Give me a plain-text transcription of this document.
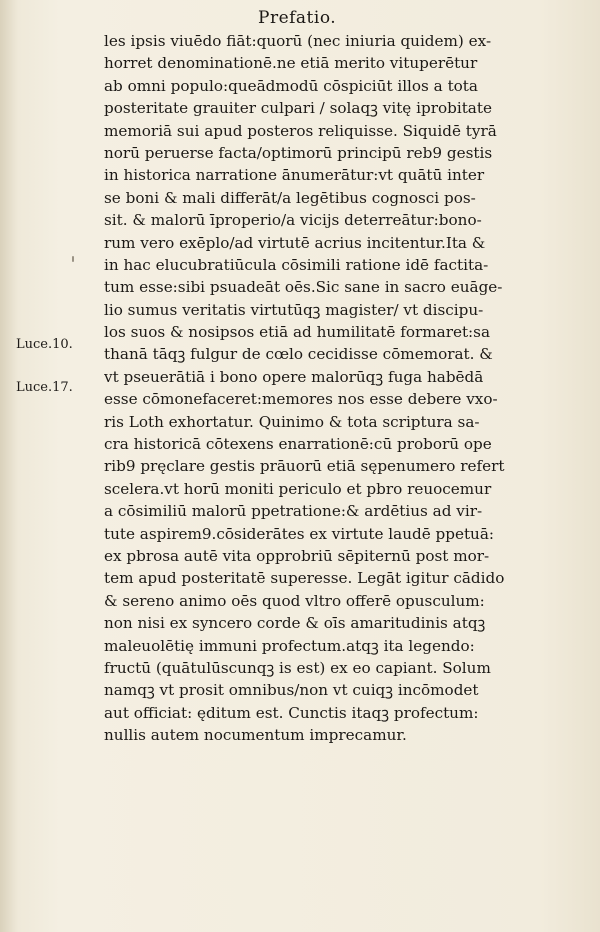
Prefatio.
Luce.10.
Luce.17.
les ipsis viuēdo fiāt:quorū (nec iniuria quidem) ex-
horret denominationē.ne etiā merito vituperētur
ab omni populo:queādmodū cōspiciūt illos a tota
posteritate grauiter culpari / solaqꝫ vitę iprobitate
memoriā sui apud posteros reliquisse. Siquidē tyrā
norū peruerse facta/optimorū principū reb9 gestis
in historica narratione ānumerātur:vt quātū inter
se boni & mali differāt/a legētibus cognosci pos-
sit. & malorū īproperio/a vicijs deterreātur:bono-
rum vero exēplo/ad virtutē acrius incitentur.Ita &
in hac elucubratiūcula cōsimili ratione idē factita-
tum esse:sibi psuadeāt oēs.Sic sane in sacro euāge-
lio sumus veritatis virtutūqꝫ magister/ vt discipu-
los suos & nosipsos etiā ad humilitatē formaret:sa
thanā tāqꝫ fulgur de cœlo cecidisse cōmemorat. &
vt pseuerātiā i bono opere malorūqꝫ fuga habēdā
esse cōmonefaceret:memores nos esse debere vxo-
ris Loth exhortatur. Quinimo & tota scriptura sa-
cra historicā cōtexens enarrationē:cū proborū ope
rib9 pręclare gestis prāuorū etiā sępenumero refert
scelera.vt horū moniti periculo et pbro reuocemur
a cōsimiliū malorū ppetratione:& ardētius ad vir-
tute aspirem9.cōsiderātes ex virtute laudē ppetuā:
ex pbrosa autē vita opprobriū sēpiternū post mor-
tem apud posteritatē superesse. Legāt igitur cādido
& sereno animo oēs quod vltro offerē opusculum:
non nisi ex syncero corde & oīs amaritudinis atqꝫ
maleuolētię immuni profectum.atqꝫ ita legendo:
fructū (quātulūscunqꝫ is est) ex eo capiant. Solum
namqꝫ vt prosit omnibus/non vt cuiqꝫ incōmodet
aut officiat: ęditum est. Cunctis itaqꝫ profectum:
nullis autem nocumentum imprecamur.
